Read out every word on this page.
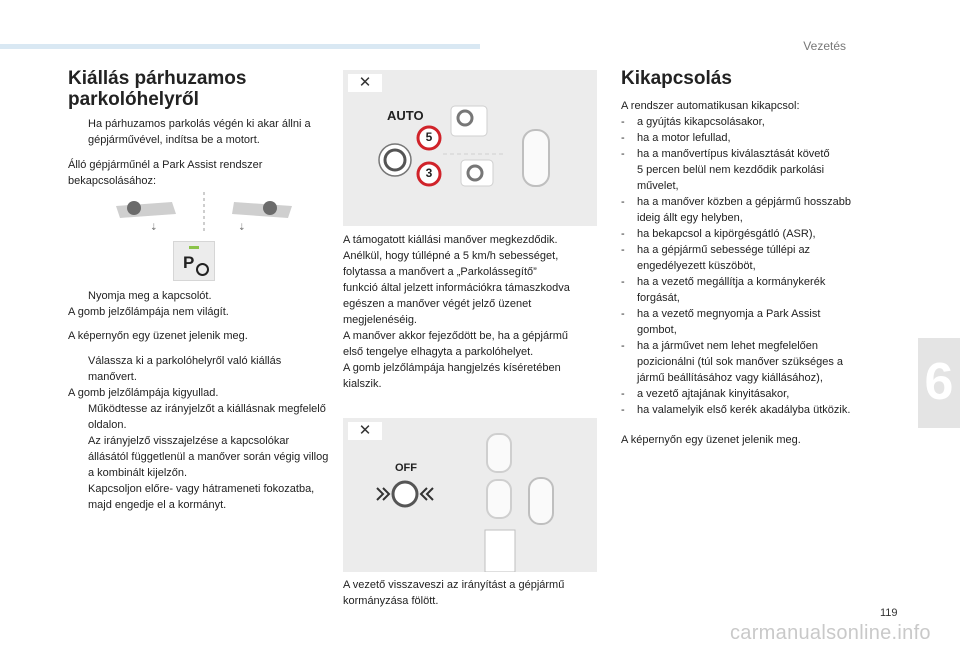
Vezetés
6
119
carmanualsonline.info
Kiállás párhuzamos
parkolóhelyről

Ha párhuzamos parkolás végén ki akar állni a gépjárművével, indítsa be a motort.

Álló gépjárműnél a Park Assist rendszer bekapcsolásához:

⇣	⇣
P

Nyomja meg a kapcsolót.

A gomb jelzőlámpája nem világít.

A képernyőn egy üzenet jelenik meg.

Válassza ki a parkolóhelyről való kiállás manővert.

A gomb jelzőlámpája kigyullad.

Működtesse az irányjelzőt a kiállásnak megfelelő oldalon.

Az irányjelző visszajelzése a kapcsolókar állásától függetlenül a manőver során végig villog a kombinált kijelzőn.

Kapcsoljon előre- vagy hátrameneti fokozatba, majd engedje el a kormányt.

✕
AUTO
5
3

A támogatott kiállási manőver megkezdődik.

Anélkül, hogy túllépné a 5 km/h sebességet,

folytassa a manővert a „Parkolássegítő”

funkció által jelzett információkra támaszkodva

egészen a manőver végét jelző üzenet

megjelenéséig.

A manőver akkor fejeződött be, ha a gépjármű

első tengelye elhagyta a parkolóhelyet.

A gomb jelzőlámpája hangjelzés kíséretében

kialszik.

✕
OFF

A vezető visszaveszi az irányítást a gépjármű

kormányzása fölött.

Kikapcsolás

A rendszer automatikusan kikapcsol:

- a gyújtás kikapcsolásakor,

- ha a motor lefullad,

- ha a manővertípus kiválasztását követő
5 percen belül nem kezdődik parkolási
művelet,

- ha a manőver közben a gépjármű hosszabb
ideig állt egy helyben,

- ha bekapcsol a kipörgésgátló (ASR),

- ha a gépjármű sebessége túllépi az
engedélyezett küszöböt,

- ha a vezető megállítja a kormánykerék
forgását,

- ha a vezető megnyomja a Park Assist
gombot,

- ha a járművet nem lehet megfelelően
pozicionálni (túl sok manőver szükséges a
jármű beállításához vagy kiállásához),

- a vezető ajtajának kinyitásakor,

- ha valamelyik első kerék akadályba ütközik.

A képernyőn egy üzenet jelenik meg.
